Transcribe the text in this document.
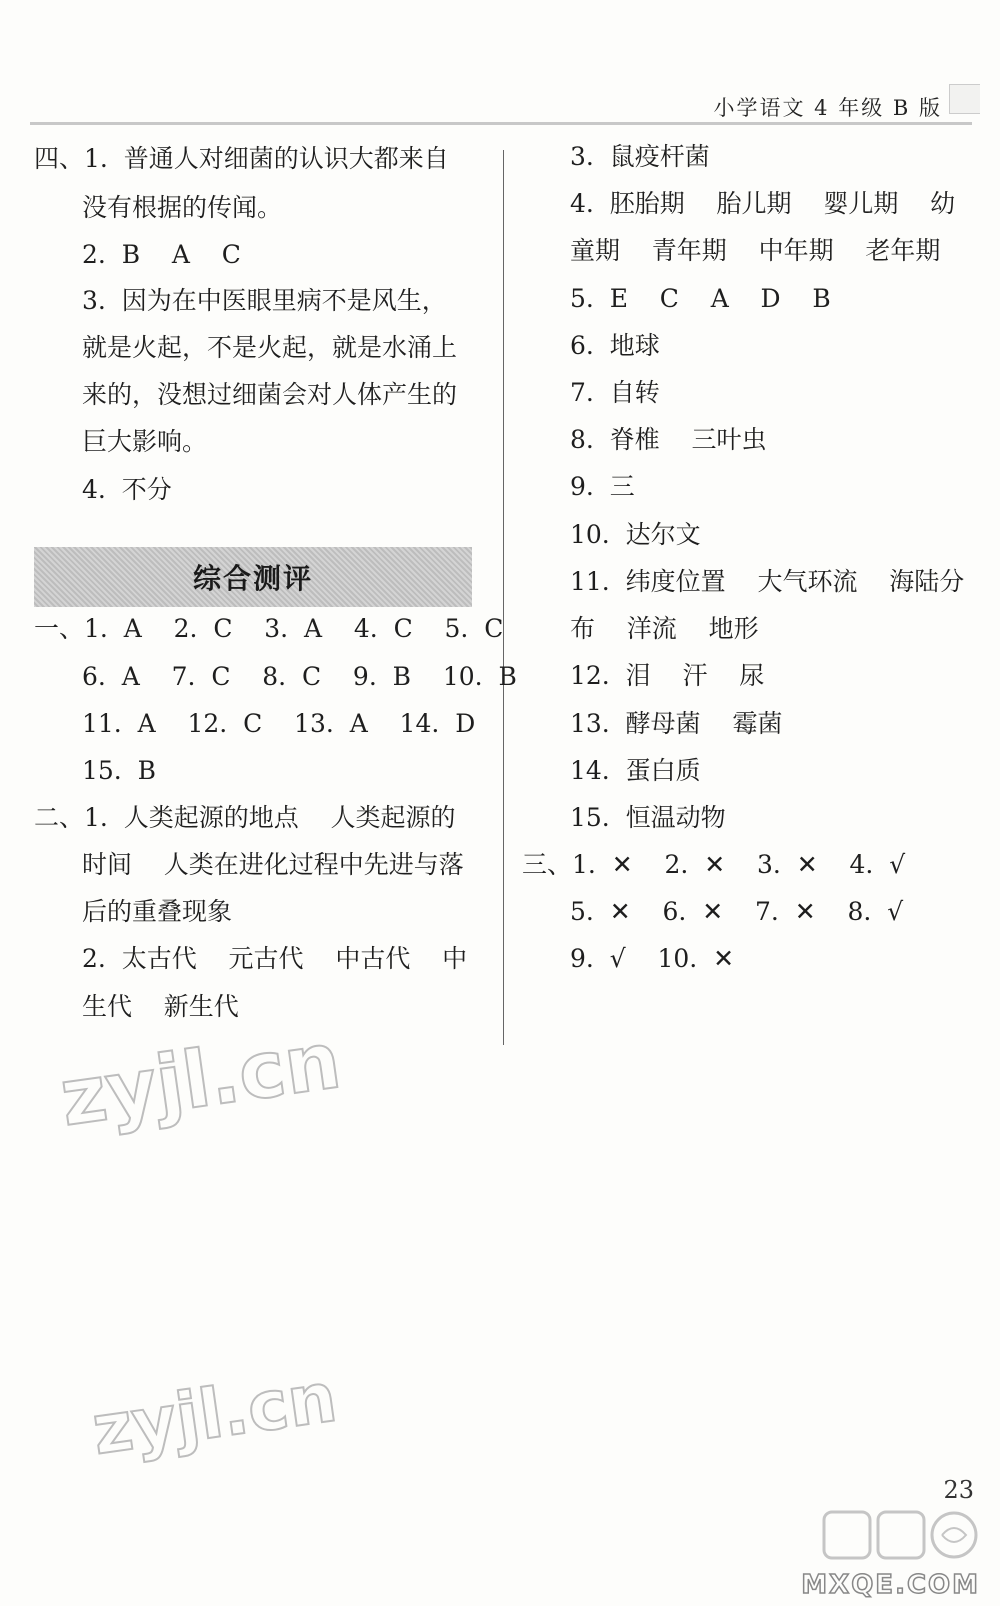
小学语文 4 年级 B 版
四、1.  普通人对细菌的认识大都来自
没有根据的传闻。
2.  B    A    C
3.  因为在中医眼里病不是风生，
就是火起，不是火起，就是水涌上
来的，没想过细菌会对人体产生的
巨大影响。
4.  不分
综合测评
一、1.  A    2.  C    3.  A    4.  C    5.  C
6.  A    7.  C    8.  C    9.  B    10.  B
11.  A    12.  C    13.  A    14.  D
15.  B
二、1.  人类起源的地点    人类起源的
时间    人类在进化过程中先进与落
后的重叠现象
2.  太古代    元古代    中古代    中
生代    新生代
3.  鼠疫杆菌
4.  胚胎期    胎儿期    婴儿期    幼
童期    青年期    中年期    老年期
5.  E    C    A    D    B
6.  地球
7.  自转
8.  脊椎    三叶虫
9.  三
10.  达尔文
11.  纬度位置    大气环流    海陆分
布    洋流    地形
12.  泪    汗    尿
13.  酵母菌    霉菌
14.  蛋白质
15.  恒温动物
三、1.  ✕    2.  ✕    3.  ✕    4.  √
5.  ✕    6.  ✕    7.  ✕    8.  √
9.  √    10.  ✕
zyjl.cn
zyjl.cn
23
MXQE.COM
